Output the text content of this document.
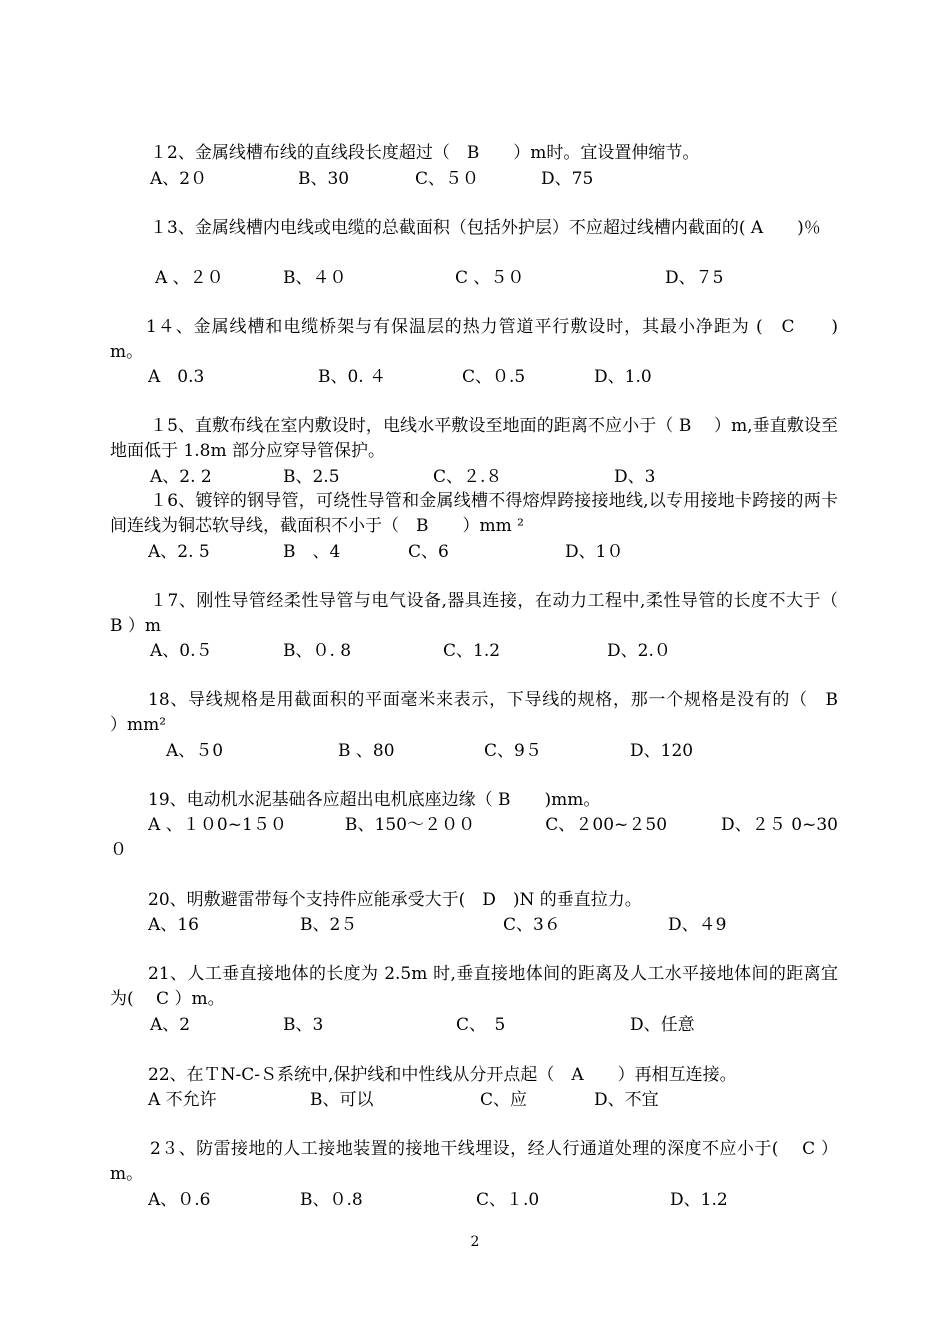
１2、金属线槽布线的直线段长度超过（　B　　）m时。宜设置伸缩节。

A、2０

	B、30

	C、５０

	D、75

１3、金属线槽内电线或电缆的总截面积（包括外护层）不应超过线槽内截面的( A　　)％

A 、２０

	B、４０

	C 、５０

	D、７5

1４、金属线槽和电缆桥架与有保温层的热力管道平行敷设时，其最小净距为 (　C　　) m。

A　0.3

	B、0. ４

	C、０.5

	D、1.0

１5、直敷布线在室内敷设时，电线水平敷设至地面的距离不应小于（ B　 ）m,垂直敷设至地面低于 1.8m 部分应穿导管保护。

A、2. 2

	B、2.5

	C、２.８

	D、3

１6、镀锌的钢导管，可绕性导管和金属线槽不得熔焊跨接接地线,以专用接地卡跨接的两卡间连线为铜芯软导线，截面积不小于（　B　　）mm ²

A、2. 5

	B　、4

	C、6

	D、1０

１7、刚性导管经柔性导管与电气设备,器具连接，在动力工程中,柔性导管的长度不大于（　B ）m

A、0.５

	B、０. 8

	C、1.2

	D、2.０

18、导线规格是用截面积的平面毫米来表示，下导线的规格，那一个规格是没有的（　B　 ）mm²

A、５0

	B 、80

	C、9５

	D、120

19、电动机水泥基础各应超出电机底座边缘（ B　　)mm。

A 、１０0~1５０	B、150～２００	C、２00~２50	D、２５ 0~30０

20、明敷避雷带每个支持件应能承受大于(　D　)N 的垂直拉力。

A、16

	B、2５

	C、3６

	D、４9

21、人工垂直接地体的长度为 2.5m 时,垂直接地体间的距离及人工水平接地体间的距离宜为(　 C ）m。

A、2

	B、3

	C、　5

	D、任意

22、在ＴN-C-Ｓ系统中,保护线和中性线从分开点起（　A　　）再相互连接。

A 不允许

	B、可以

	C、应

	D、不宜

2３、防雷接地的人工接地装置的接地干线埋设，经人行通道处理的深度不应小于(　 C ）m。

A、０.6

	B、０.8

	C、１.0

	D、1.2

2
